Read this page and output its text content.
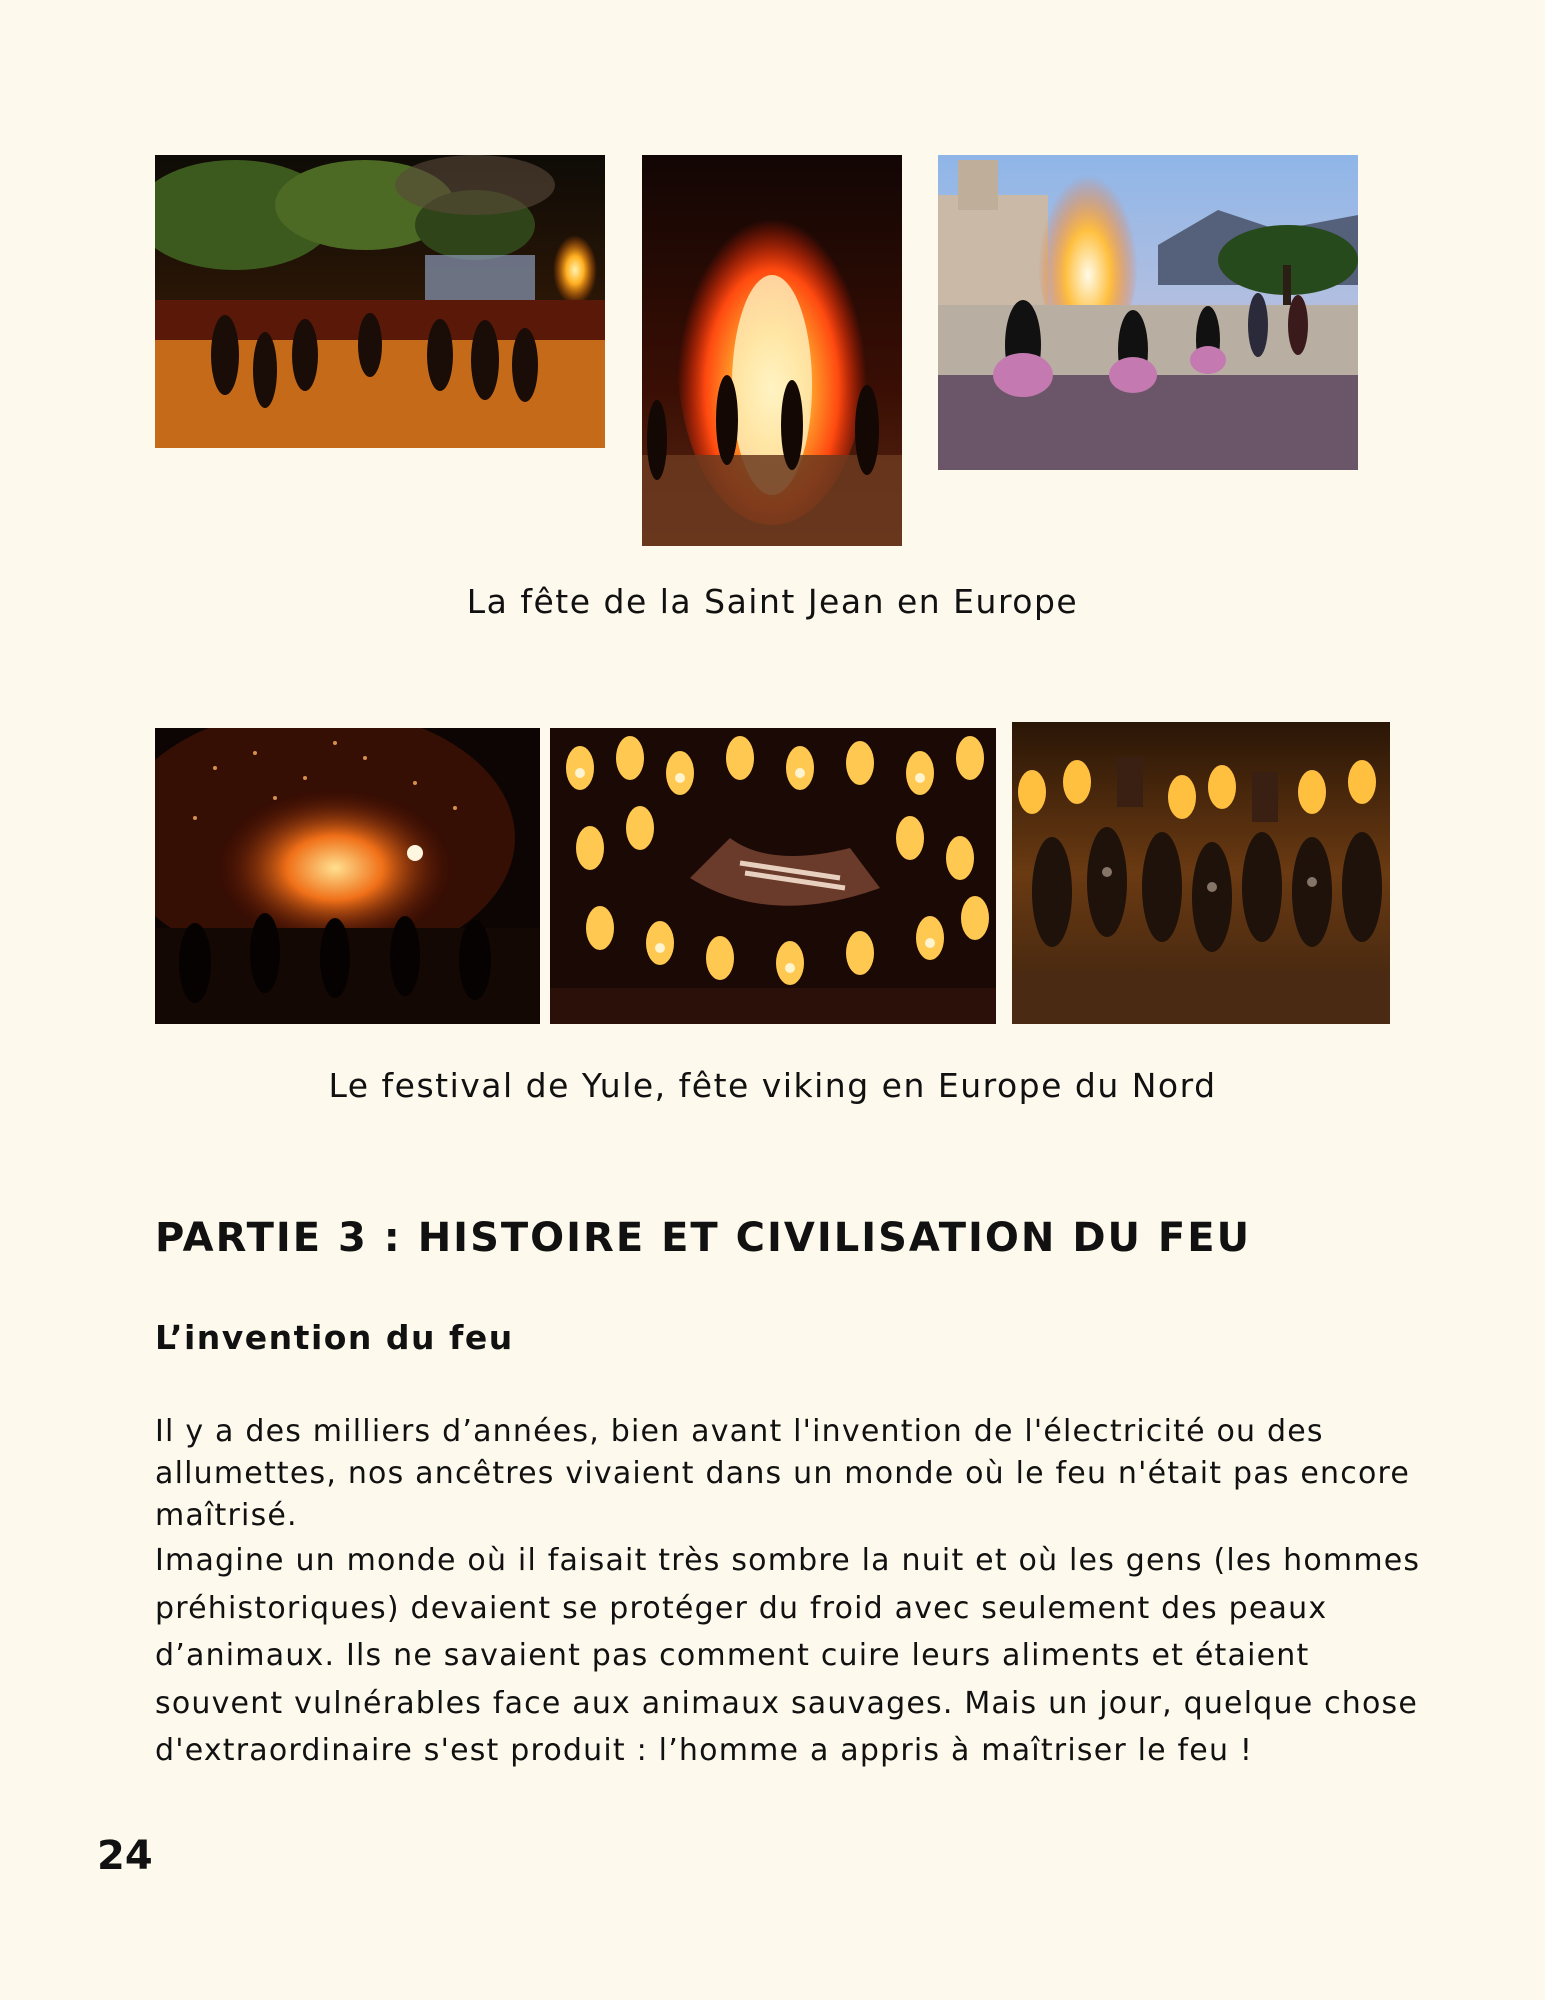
La fête de la Saint Jean en Europe
Le festival de Yule, fête viking en Europe du Nord
PARTIE 3 : HISTOIRE ET CIVILISATION DU FEU
L’invention du feu
Il y a des milliers d’années, bien avant l'invention de l'électricité ou des allumettes, nos ancêtres vivaient dans un monde où le feu n'était pas encore maîtrisé.
Imagine un monde où il faisait très sombre la nuit et où les gens (les hommes préhistoriques) devaient se protéger du froid avec seulement des peaux d’animaux. Ils ne savaient pas comment cuire leurs aliments et étaient souvent vulnérables face aux animaux sauvages. Mais un jour, quelque chose d'extraordinaire s'est produit : l’homme a appris à maîtriser le feu !
24
